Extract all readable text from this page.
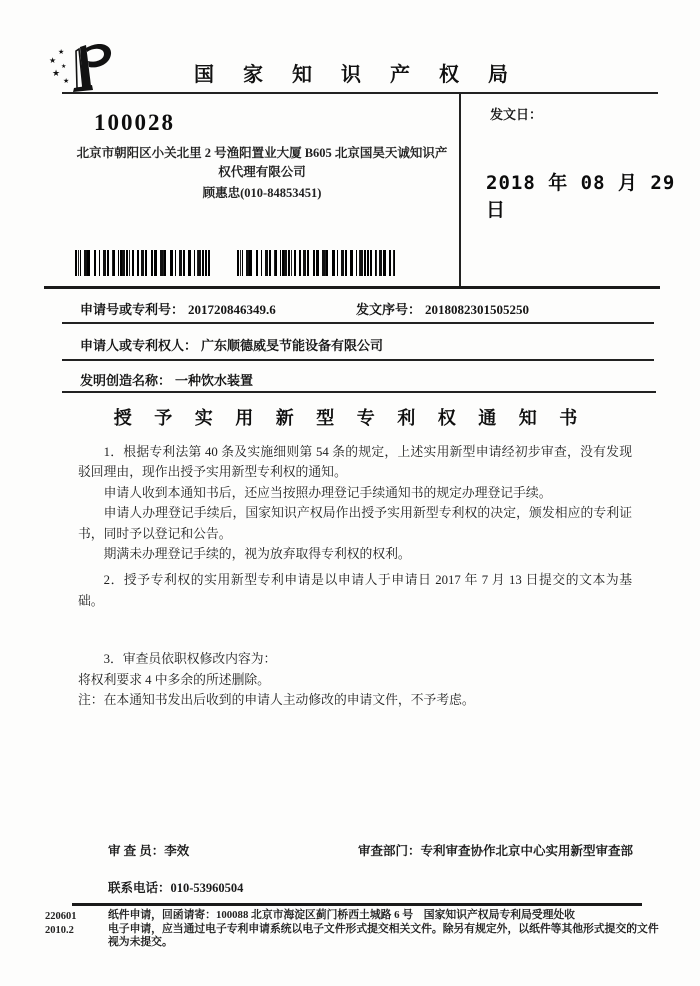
★
★
★
★
★	国 家 知 识 产 权 局
100028
北京市朝阳区小关北里 2 号渔阳置业大厦 B605 北京国昊天诚知识产权代理有限公司
顾惠忠(010-84853451)
发文日：
2018 年 08 月 29 日
申请号或专利号： 201720846349.6	发文序号： 2018082301505250
申请人或专利权人： 广东顺德威旻节能设备有限公司
发明创造名称： 一种饮水装置
授 予 实 用 新 型 专 利 权 通 知 书

1．根据专利法第 40 条及实施细则第 54 条的规定，上述实用新型申请经初步审查，没有发现驳回理由，现作出授予实用新型专利权的通知。

申请人收到本通知书后，还应当按照办理登记手续通知书的规定办理登记手续。

申请人办理登记手续后，国家知识产权局作出授予实用新型专利权的决定，颁发相应的专利证书，同时予以登记和公告。

期满未办理登记手续的，视为放弃取得专利权的权利。

2．授予专利权的实用新型专利申请是以申请人于申请日 2017 年 7 月 13 日提交的文本为基础。

3．审查员依职权修改内容为：

将权利要求 4 中多余的所述删除。

注：在本通知书发出后收到的申请人主动修改的申请文件，不予考虑。

审 查 员：李效	审查部门：专利审查协作北京中心实用新型审查部
联系电话：010-53960504
220601
2010.2
纸件申请，回函请寄：100088 北京市海淀区蓟门桥西土城路 6 号　国家知识产权局专利局受理处收
电子申请，应当通过电子专利申请系统以电子文件形式提交相关文件。除另有规定外，以纸件等其他形式提交的文件视为未提交。
